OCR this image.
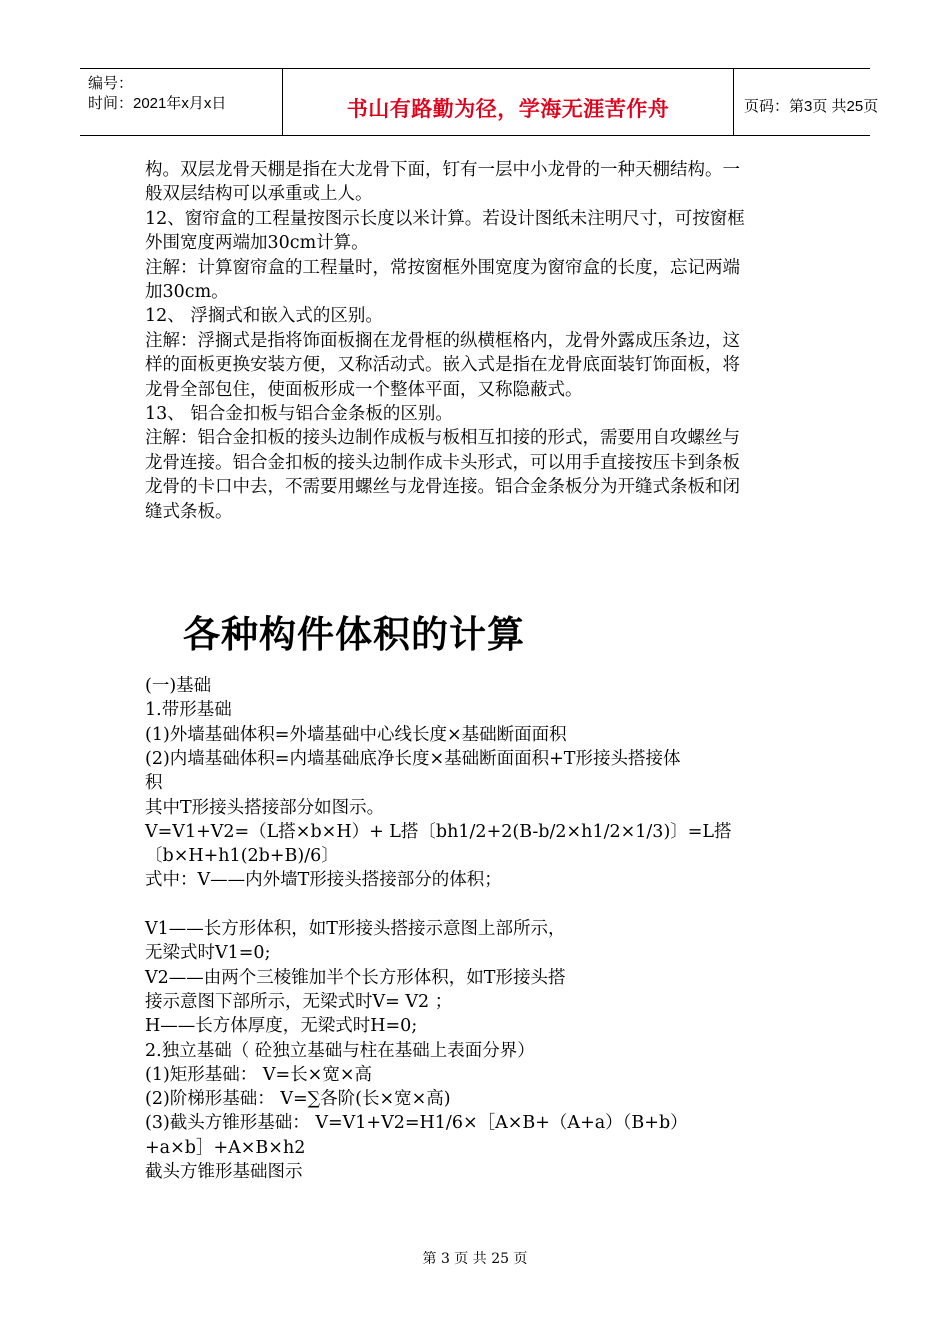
编号：
时间：2021年x月x日	书山有路勤为径，学海无涯苦作舟	页码：第3页 共25页
构。双层龙骨天棚是指在大龙骨下面，钉有一层中小龙骨的一种天棚结构。一
般双层结构可以承重或上人。
12、窗帘盒的工程量按图示长度以米计算。若设计图纸未注明尺寸，可按窗框
外围宽度两端加30cm计算。
注解：计算窗帘盒的工程量时，常按窗框外围宽度为窗帘盒的长度，忘记两端
加30cm。
12、 浮搁式和嵌入式的区别。
注解：浮搁式是指将饰面板搁在龙骨框的纵横框格内，龙骨外露成压条边，这
样的面板更换安装方便，又称活动式。嵌入式是指在龙骨底面装钉饰面板，将
龙骨全部包住，使面板形成一个整体平面，又称隐蔽式。
13、 铝合金扣板与铝合金条板的区别。
注解：铝合金扣板的接头边制作成板与板相互扣接的形式，需要用自攻螺丝与
龙骨连接。铝合金扣板的接头边制作成卡头形式，可以用手直接按压卡到条板
龙骨的卡口中去，不需要用螺丝与龙骨连接。铝合金条板分为开缝式条板和闭
缝式条板。
各种构件体积的计算
(一)基础
1.带形基础
(1)外墙基础体积=外墙基础中心线长度×基础断面面积
(2)内墙基础体积=内墙基础底净长度×基础断面面积+T形接头搭接体
积
其中T形接头搭接部分如图示。
V=V1+V2=（L搭×b×H）+ L搭〔bh1/2+2(B-b/2×h1/2×1/3)〕=L搭
〔b×H+h1(2b+B)/6〕
式中：V——内外墙T形接头搭接部分的体积；
V1——长方形体积，如T形接头搭接示意图上部所示，
无梁式时V1=0;
V2——由两个三棱锥加半个长方形体积，如T形接头搭
接示意图下部所示，无梁式时V= V2 ；
H——长方体厚度，无梁式时H=0;
2.独立基础（ 砼独立基础与柱在基础上表面分界）
(1)矩形基础： V=长×宽×高
(2)阶梯形基础： V=∑各阶(长×宽×高)
(3)截头方锥形基础： V=V1+V2=H1/6×［A×B+（A+a）（B+b）
+a×b］+A×B×h2
截头方锥形基础图示
第 3 页 共 25 页
